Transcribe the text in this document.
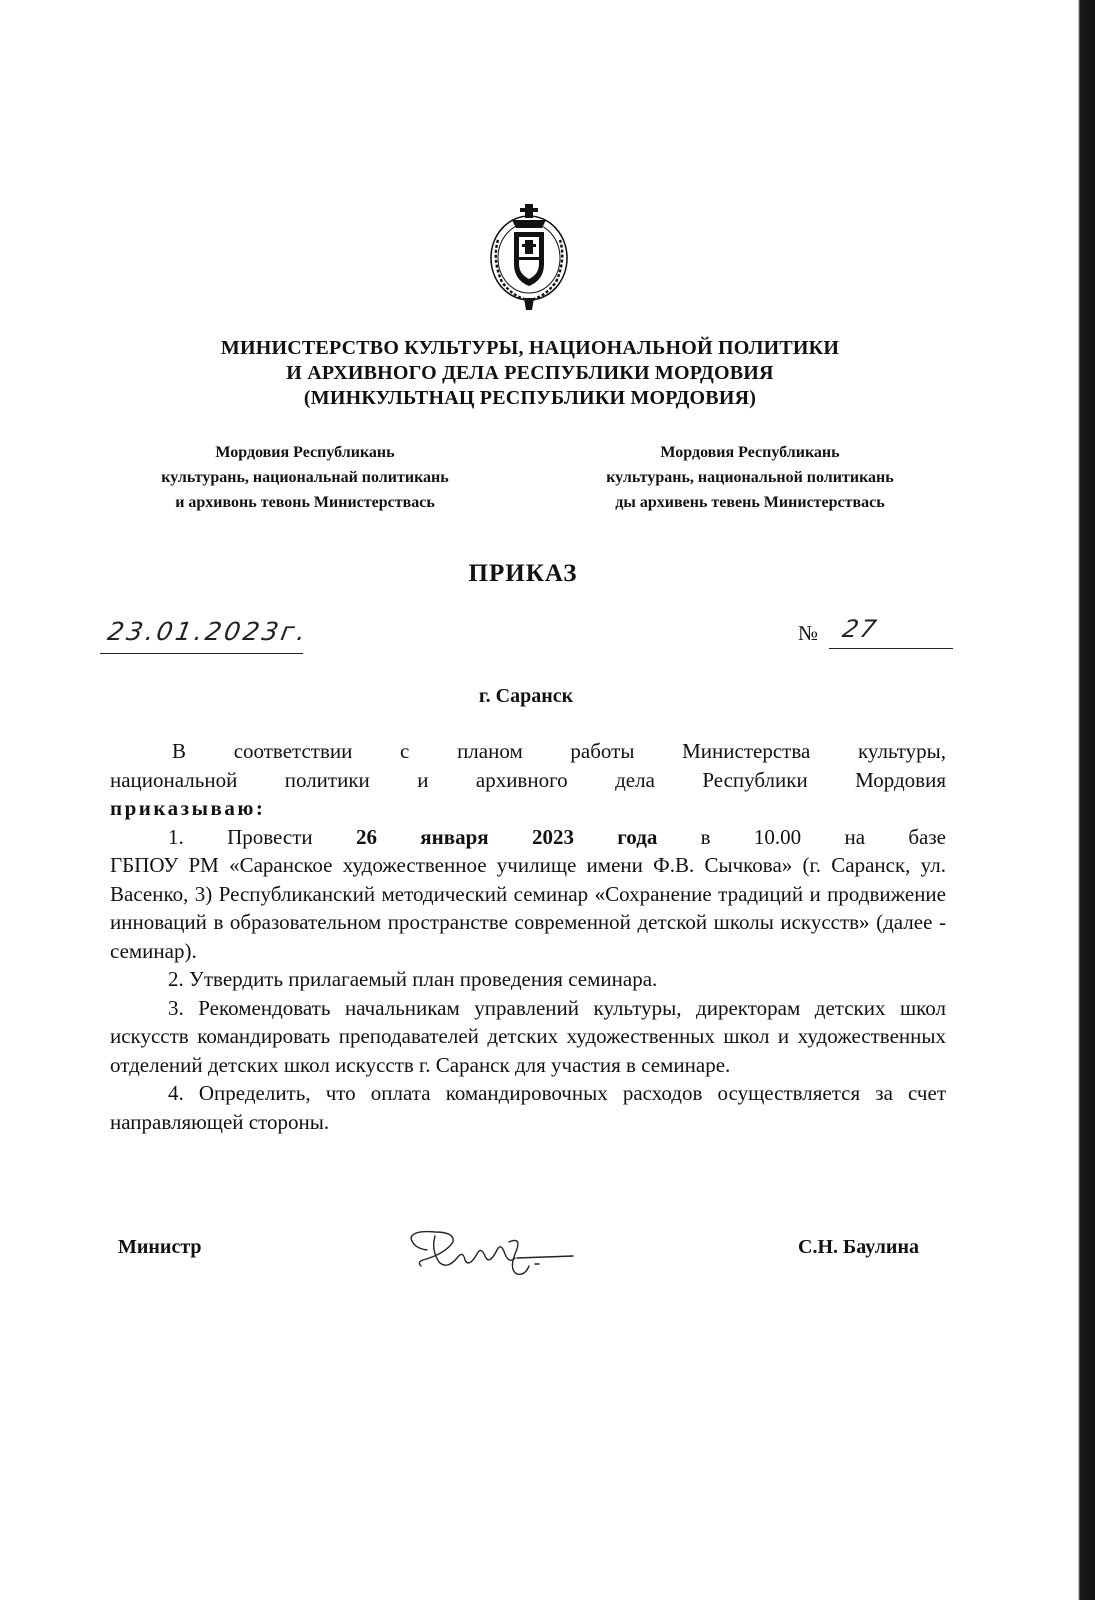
МИНИСТЕРСТВО КУЛЬТУРЫ, НАЦИОНАЛЬНОЙ ПОЛИТИКИ
И АРХИВНОГО ДЕЛА РЕСПУБЛИКИ МОРДОВИЯ
(МИНКУЛЬТНАЦ РЕСПУБЛИКИ МОРДОВИЯ)
Мордовия Республикань
культурань, национальнай политикань
и архивонь тевонь Министерствась
Мордовия Республикань
культурань, национальной политикань
ды архивень тевень Министерствась
ПРИКАЗ
23.01.2023г.	№ 27
г. Саранск

В соответствии с планом работы Министерства культуры,

национальной политики и архивного дела Республики Мордовия

приказываю:

1. Провести 26 января 2023 года в 10.00 на базе

ГБПОУ РМ «Саранское художественное училище имени Ф.В. Сычкова» (г. Саранск, ул. Васенко, 3) Республиканский методический семинар «Сохранение традиций и продвижение инноваций в образовательном пространстве современной детской школы искусств» (далее - семинар).

2. Утвердить прилагаемый план проведения семинара.

3. Рекомендовать начальникам управлений культуры, директорам детских школ искусств командировать преподавателей детских художественных школ и художественных отделений детских школ искусств г. Саранск для участия в семинаре.

4. Определить, что оплата командировочных расходов осуществляется за счет направляющей стороны.

Министр	С.Н. Баулина
